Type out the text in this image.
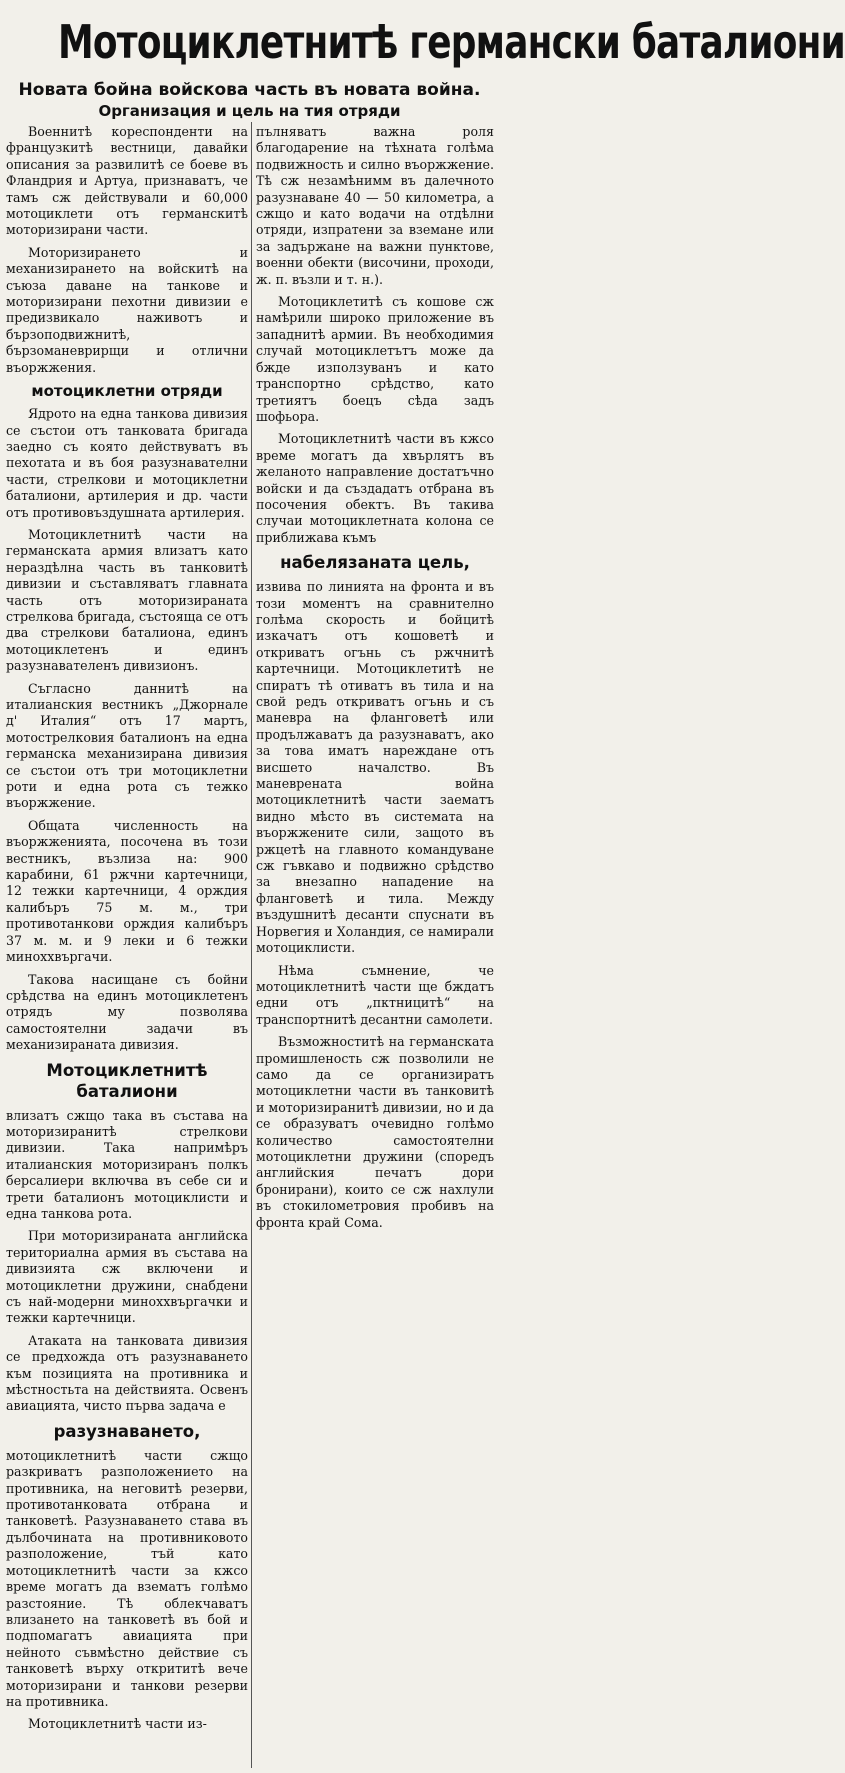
Мотоциклетнитѣ германски баталиони
Новата бойна войскова часть въ новата война.
Организация и цель на тия отряди

Военнитѣ кореспонденти на французкитѣ вестници, давайки описания за развилитѣ се боеве въ Фландрия и Артуа, признаватъ, че тамъ сж действували и 60,000 мотоциклети отъ германскитѣ моторизирани части.

Моторизирането и механизирането на войскитѣ на съюза даване на танкове и моторизирани пехотни дивизии е предизвикало наживотъ и бързоподвижнитѣ, бързоманеврирщи и отлични въоржжения.

мотоциклетни отряди

Ядрото на една танкова дивизия се състои отъ танковата бригада заедно съ която действуватъ въ пехотата и въ боя разузнавателни части, стрелкови и мотоциклетни баталиони, артилерия и др. части отъ противовъздушната артилерия.

Мотоциклетнитѣ части на германската армия влизатъ като нераздѣлна часть въ танковитѣ дивизии и съставляватъ главната часть отъ моторизираната стрелкова бригада, състояща се отъ два стрелкови баталиона, единъ мотоциклетенъ и единъ разузнавателенъ дивизионъ.

Съгласно даннитѣ на италианския вестникъ „Джорнале д' Италия“ отъ 17 мартъ, мотострелковия баталионъ на една германска механизирана дивизия се състои отъ три мотоциклетни роти и една рота съ тежко въоржжение.

Общата численность на въоржженията, посочена въ този вестникъ, възлиза на: 900 карабини, 61 ржчни картечници, 12 тежки картечници, 4 орждия калибъръ 75 м. м., три противотанкови орждия калибъръ 37 м. м. и 9 леки и 6 тежки миноххвъргачи.

Такова насищане съ бойни срѣдства на единъ мотоциклетенъ отрядъ му позволява самостоятелни задачи въ механизираната дивизия.

Мотоциклетнитѣ баталиони

влизатъ сжщо така въ състава на моторизиранитѣ стрелкови дивизии. Така напримѣръ италианския моторизиранъ полкъ берсалиери включва въ себе си и трети баталионъ мотоциклисти и една танкова рота.

При моторизираната английска териториална армия въ състава на дивизията сж включени и мотоциклетни дружини, снабдени съ най-модерни миноххвъргачки и тежки картечници.

Атаката на танковата дивизия се предхожда отъ разузнаването към позицията на противника и мѣстностьта на действията. Освенъ авиацията, чисто първа задача е

разузнаването,

мотоциклетнитѣ части сжщо разкриватъ разположението на противника, на неговитѣ резерви, противотанковата отбрана и танковетѣ. Разузнаването става въ дълбочината на противниковото разположение, тъй като мотоциклетнитѣ части за кжсо време могатъ да взематъ голѣмо разстояние. Тѣ облекчаватъ влизането на танковетѣ въ бой и подпомагатъ авиацията при нейното съвмѣстно действие съ танковетѣ върху открититѣ вече моторизирани и танкови резерви на противника.

Мотоциклетнитѣ части из-

пълняватъ важна роля благодарение на тѣхната голѣма подвижность и силно въоржжение. Тѣ сж незамѣнимм въ далечното разузнаване 40 — 50 километра, а сжщо и като водачи на отдѣлни отряди, изпратени за вземане или за задържане на важни пунктове, военни обекти (височини, проходи, ж. п. възли и т. н.).

Мотоциклетитѣ съ кошове сж намѣрили широко приложение въ западнитѣ армии. Въ необходимия случай мотоциклетътъ може да бжде използуванъ и като транспортно срѣдство, като третиятъ боецъ сѣда задъ шофьора.

Мотоциклетнитѣ части въ кжсо време могатъ да хвърлятъ въ желаното направление достатъчно войски и да създадатъ отбрана въ посочения обектъ. Въ такива случаи мотоциклетната колона се приближава къмъ

набелязаната цель,

извива по линията на фронта и въ този моментъ на сравнително голѣма скорость и бойцитѣ изкачатъ отъ кошоветѣ и откриватъ огънь съ ржчнитѣ картечници. Мотоциклетитѣ не спиратъ тѣ отиватъ въ тила и на свой редъ откриватъ огънь и съ маневра на фланговетѣ или продължаватъ да разузнаватъ, ако за това иматъ нареждане отъ висшето началство. Въ маневрената война мотоциклетнитѣ части заематъ видно мѣсто въ системата на въоржжените сили, защото въ ржцетѣ на главното командуване сж гъвкаво и подвижно срѣдство за внезапно нападение на фланговетѣ и тила. Между въздушнитѣ десанти спуснати въ Норвегия и Холандия, се намирали мотоциклисти.

Нѣма съмнение, че мотоциклетнитѣ части ще бждатъ едни отъ „пктницитѣ“ на транспортнитѣ десантни самолети.

Възможноститѣ на германската промишленость сж позволили не само да се организиратъ мотоциклетни части въ танковитѣ и моторизиранитѣ дивизии, но и да се образуватъ очевидно голѣмо количество самостоятелни мотоциклетни дружини (споредъ английския печатъ дори бронирани), които се сж нахлули въ стокилометровия пробивъ на фронта край Сома.
